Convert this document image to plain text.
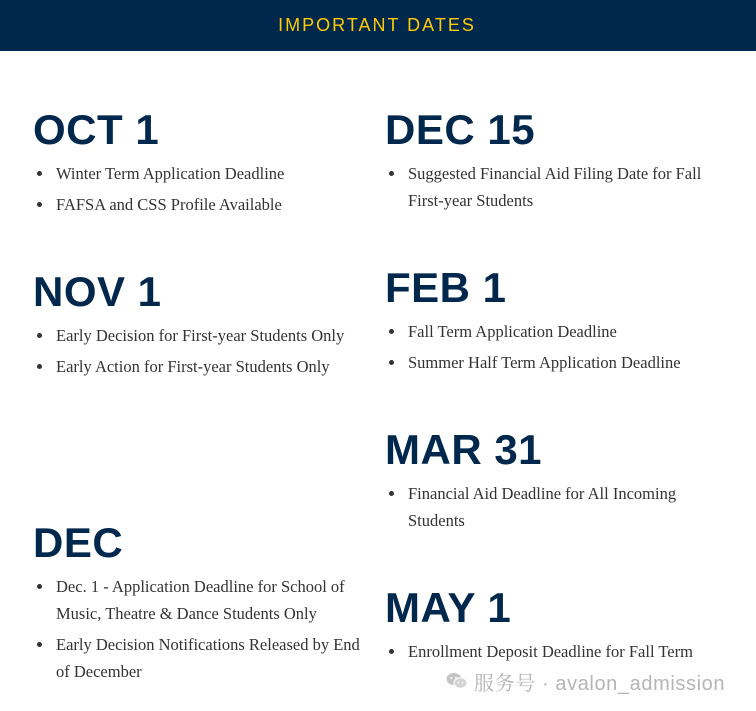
IMPORTANT DATES
OCT 1
Winter Term Application Deadline
FAFSA and CSS Profile Available
NOV 1
Early Decision for First-year Students Only
Early Action for First-year Students Only
DEC
Dec. 1 - Application Deadline for School of Music, Theatre & Dance Students Only
Early Decision Notifications Released by End of December
DEC 15
Suggested Financial Aid Filing Date for Fall First-year Students
FEB 1
Fall Term Application Deadline
Summer Half Term Application Deadline
MAR 31
Financial Aid Deadline for All Incoming Students
MAY 1
Enrollment Deposit Deadline for Fall Term
服务号 · avalon_admission
